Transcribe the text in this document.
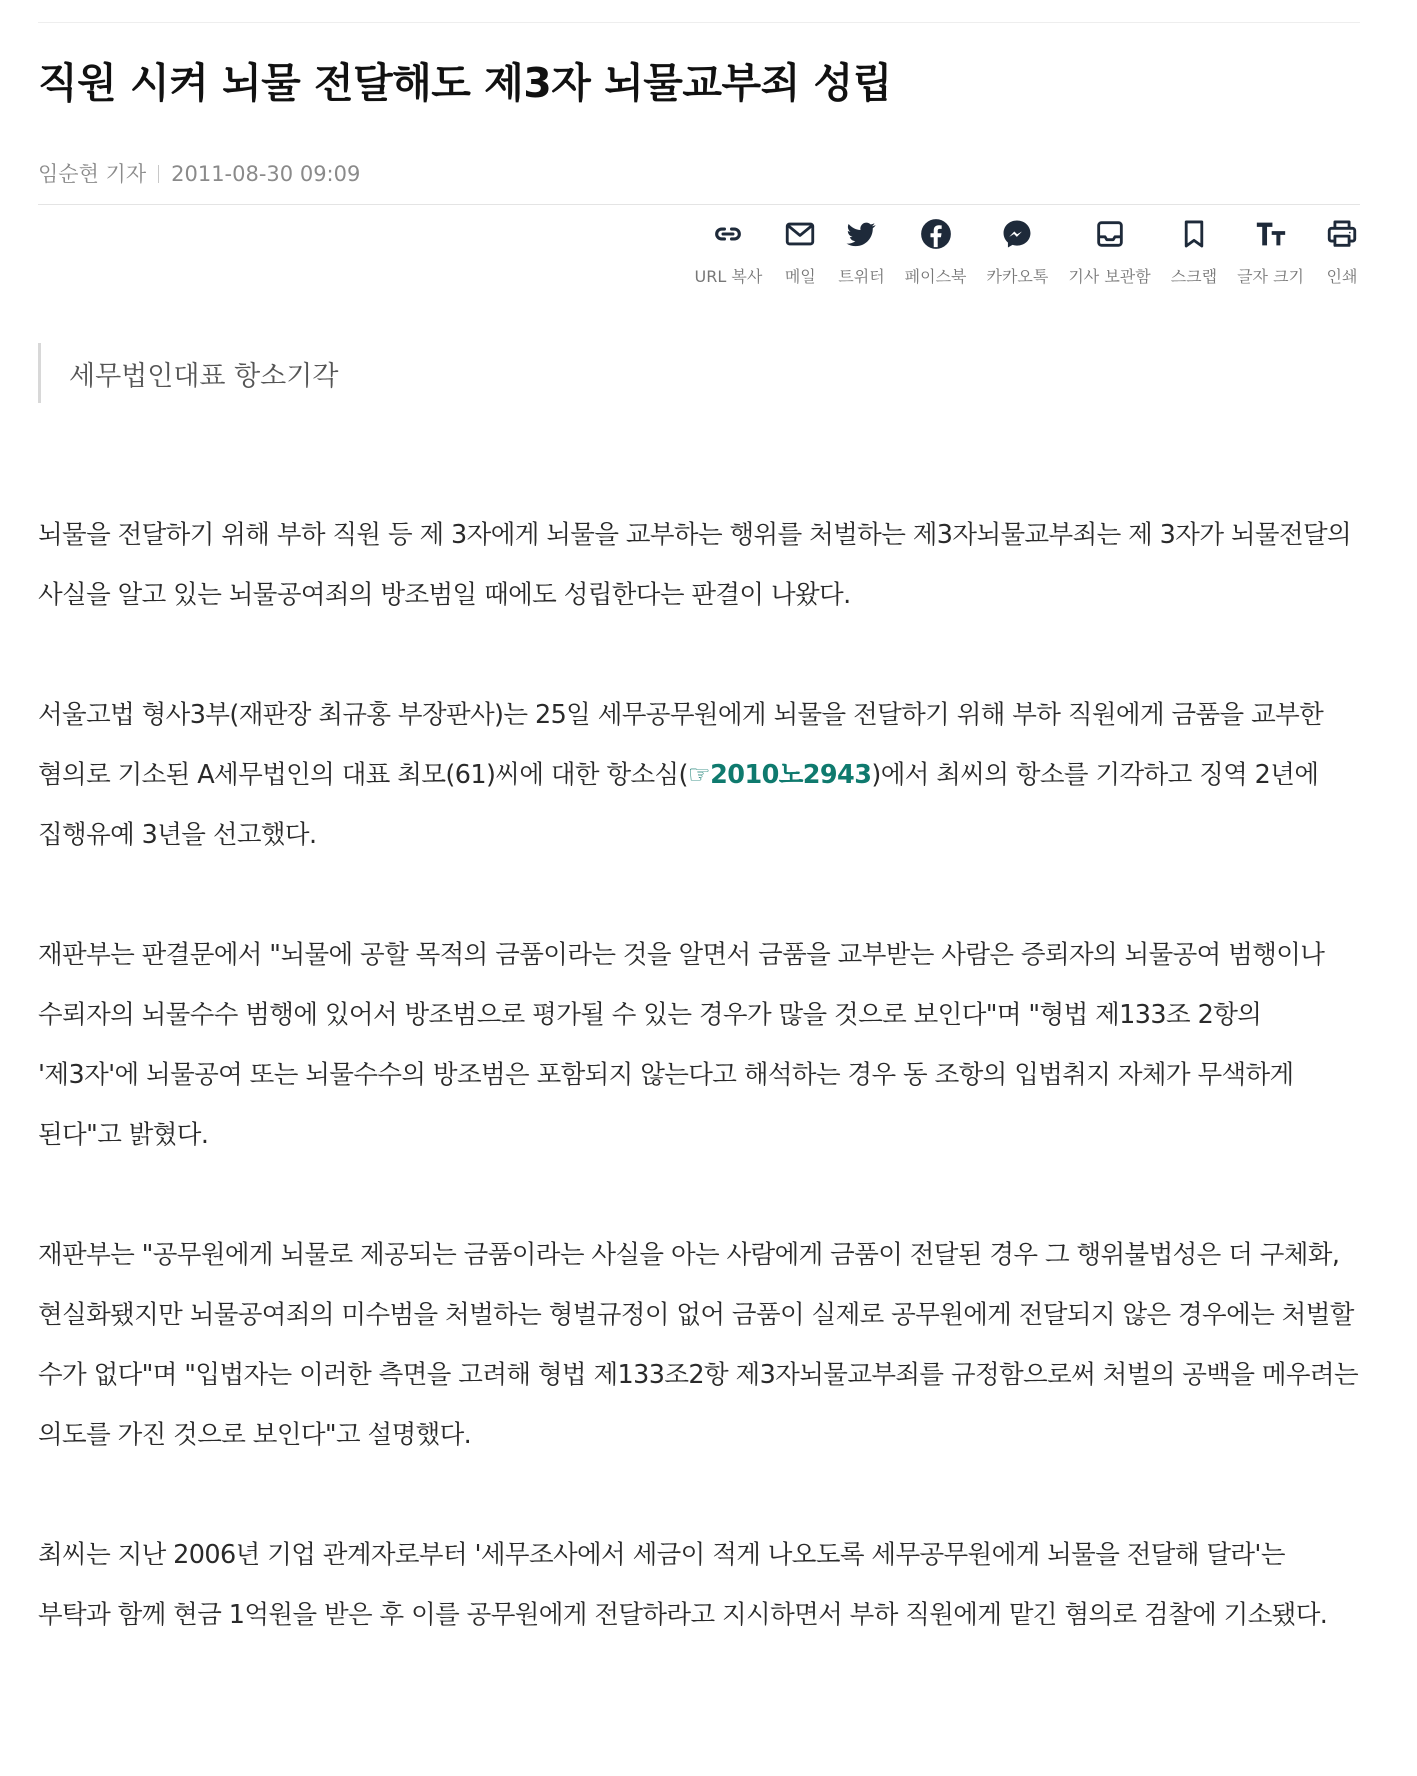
직원 시켜 뇌물 전달해도 제3자 뇌물교부죄 성립
임순현 기자 2011-08-30 09:09
URL 복사 메일 트위터 페이스북 카카오톡 기사 보관함 스크랩 글자 크기 인쇄
세무법인대표 항소기각

뇌물을 전달하기 위해 부하 직원 등 제 3자에게 뇌물을 교부하는 행위를 처벌하는 제3자뇌물교부죄는 제 3자가 뇌물전달의 사실을 알고 있는 뇌물공여죄의 방조범일 때에도 성립한다는 판결이 나왔다.

서울고법 형사3부(재판장 최규홍 부장판사)는 25일 세무공무원에게 뇌물을 전달하기 위해 부하 직원에게 금품을 교부한 혐의로 기소된 A세무법인의 대표 최모(61)씨에 대한 항소심(☞2010노2943)에서 최씨의 항소를 기각하고 징역 2년에 집행유예 3년을 선고했다.

재판부는 판결문에서 "뇌물에 공할 목적의 금품이라는 것을 알면서 금품을 교부받는 사람은 증뢰자의 뇌물공여 범행이나 수뢰자의 뇌물수수 범행에 있어서 방조범으로 평가될 수 있는 경우가 많을 것으로 보인다"며 "형법 제133조 2항의 '제3자'에 뇌물공여 또는 뇌물수수의 방조범은 포함되지 않는다고 해석하는 경우 동 조항의 입법취지 자체가 무색하게 된다"고 밝혔다.

재판부는 "공무원에게 뇌물로 제공되는 금품이라는 사실을 아는 사람에게 금품이 전달된 경우 그 행위불법성은 더 구체화, 현실화됐지만 뇌물공여죄의 미수범을 처벌하는 형벌규정이 없어 금품이 실제로 공무원에게 전달되지 않은 경우에는 처벌할 수가 없다"며 "입법자는 이러한 측면을 고려해 형법 제133조2항 제3자뇌물교부죄를 규정함으로써 처벌의 공백을 메우려는 의도를 가진 것으로 보인다"고 설명했다.

최씨는 지난 2006년 기업 관계자로부터 '세무조사에서 세금이 적게 나오도록 세무공무원에게 뇌물을 전달해 달라'는 부탁과 함께 현금 1억원을 받은 후 이를 공무원에게 전달하라고 지시하면서 부하 직원에게 맡긴 혐의로 검찰에 기소됐다.
